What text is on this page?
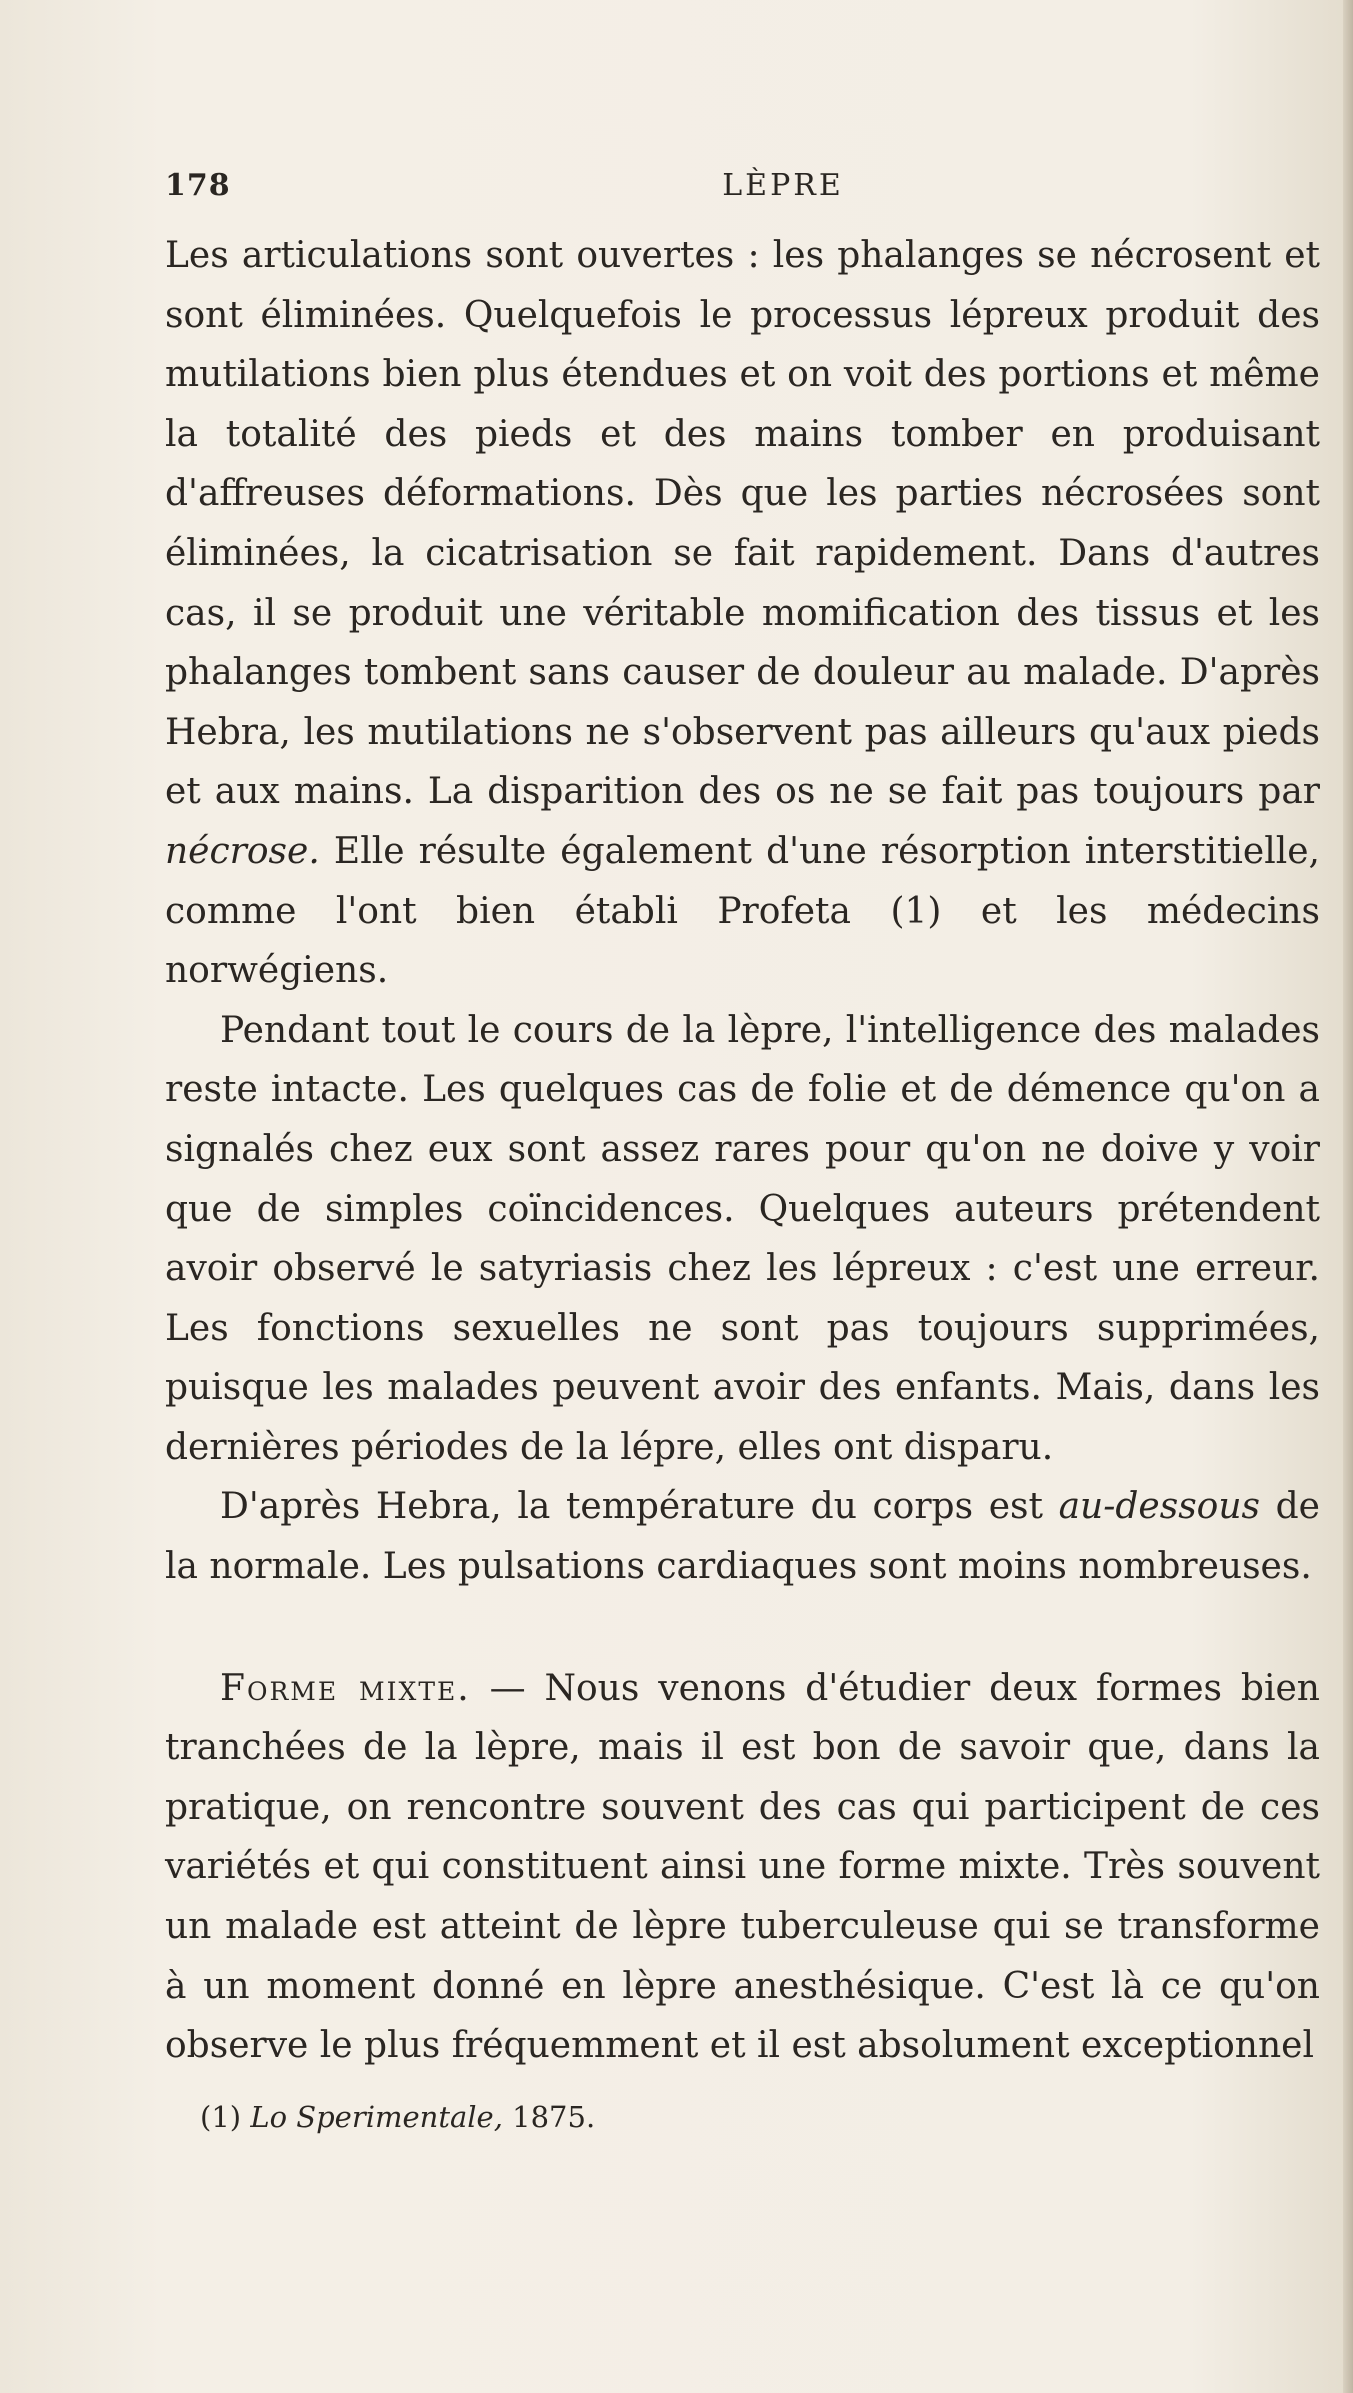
178	LÈPRE

Les articulations sont ouvertes : les phalanges se nécrosent et sont éliminées. Quelquefois le processus lépreux produit des mutilations bien plus étendues et on voit des portions et même la totalité des pieds et des mains tomber en produisant d'affreuses déformations. Dès que les parties nécrosées sont éliminées, la cicatrisation se fait rapidement. Dans d'autres cas, il se produit une véritable momification des tissus et les phalanges tombent sans causer de douleur au malade. D'après Hebra, les mutilations ne s'observent pas ailleurs qu'aux pieds et aux mains. La disparition des os ne se fait pas toujours par nécrose. Elle résulte également d'une résorption interstitielle, comme l'ont bien établi Profeta (1) et les médecins norwégiens.

Pendant tout le cours de la lèpre, l'intelligence des malades reste intacte. Les quelques cas de folie et de démence qu'on a signalés chez eux sont assez rares pour qu'on ne doive y voir que de simples coïncidences. Quelques auteurs prétendent avoir observé le satyriasis chez les lépreux : c'est une erreur. Les fonctions sexuelles ne sont pas toujours supprimées, puisque les malades peuvent avoir des enfants. Mais, dans les dernières périodes de la lépre, elles ont disparu.

D'après Hebra, la température du corps est au-dessous de la normale. Les pulsations cardiaques sont moins nombreuses.

Forme mixte. — Nous venons d'étudier deux formes bien tranchées de la lèpre, mais il est bon de savoir que, dans la pratique, on rencontre souvent des cas qui participent de ces variétés et qui constituent ainsi une forme mixte. Très souvent un malade est atteint de lèpre tuberculeuse qui se transforme à un moment donné en lèpre anesthésique. C'est là ce qu'on observe le plus fréquemment et il est absolument exceptionnel

(1) Lo Sperimentale, 1875.
